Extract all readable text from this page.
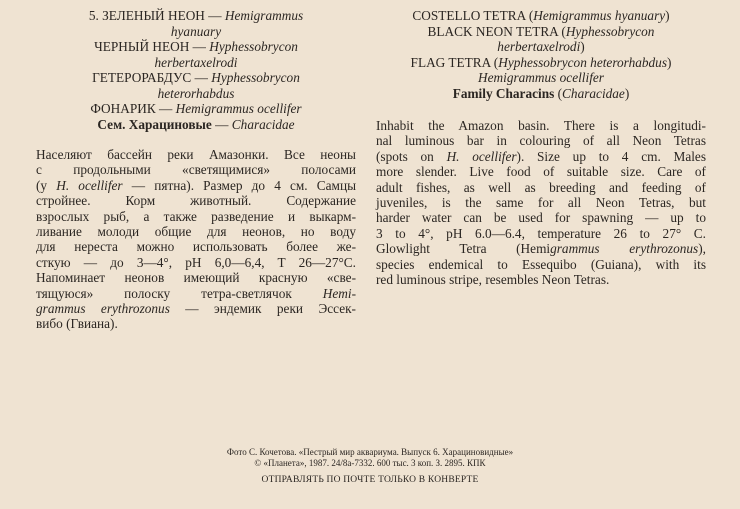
5. ЗЕЛЕНЫЙ НЕОН — Hemigrammus
hyanuary
ЧЕРНЫЙ НЕОН — Hyphessobrycon
herbertaxelrodi
ГЕТЕРОРАБДУС — Hyphessobrycon
heterorhabdus
ФОНАРИК — Hemigrammus ocellifer
Сем. Харациновые — Characidae
Населяют бассейн реки Амазонки. Все неоны
с продольными «светящимися» полосами
(у H. ocellifer — пятна). Размер до 4 см. Самцы
стройнее. Корм животный. Содержание
взрослых рыб, а также разведение и выкарм-
ливание молоди общие для неонов, но воду
для нереста можно использовать более же-
сткую — до 3—4°, pH 6,0—6,4, T 26—27°C.
Напоминает неонов имеющий красную «све-
тящуюся» полоску тетра-светлячок Hemi-
grammus erythrozonus — эндемик реки Эссек-
вибо (Гвиана).
COSTELLO TETRA (Hemigrammus hyanuary)
BLACK NEON TETRA (Hyphessobrycon
herbertaxelrodi)
FLAG TETRA (Hyphessobrycon heterorhabdus)
Hemigrammus ocellifer
Family Characins (Characidae)
Inhabit the Amazon basin. There is a longitudi-
nal luminous bar in colouring of all Neon Tetras
(spots on H. ocellifer). Size up to 4 cm. Males
more slender. Live food of suitable size. Care of
adult fishes, as well as breeding and feeding of
juveniles, is the same for all Neon Tetras, but
harder water can be used for spawning — up to
3 to 4°, pH 6.0—6.4, temperature 26 to 27° C.
Glowlight Tetra (Hemigrammus erythrozonus),
species endemical to Essequibo (Guiana), with its
red luminous stripe, resembles Neon Tetras.
Фото С. Кочетова. «Пестрый мир аквариума. Выпуск 6. Харациновидные»
© «Планета», 1987. 24/8а-7332. 600 тыс. 3 коп. З. 2895. КПК
ОТПРАВЛЯТЬ ПО ПОЧТЕ ТОЛЬКО В КОНВЕРТЕ
